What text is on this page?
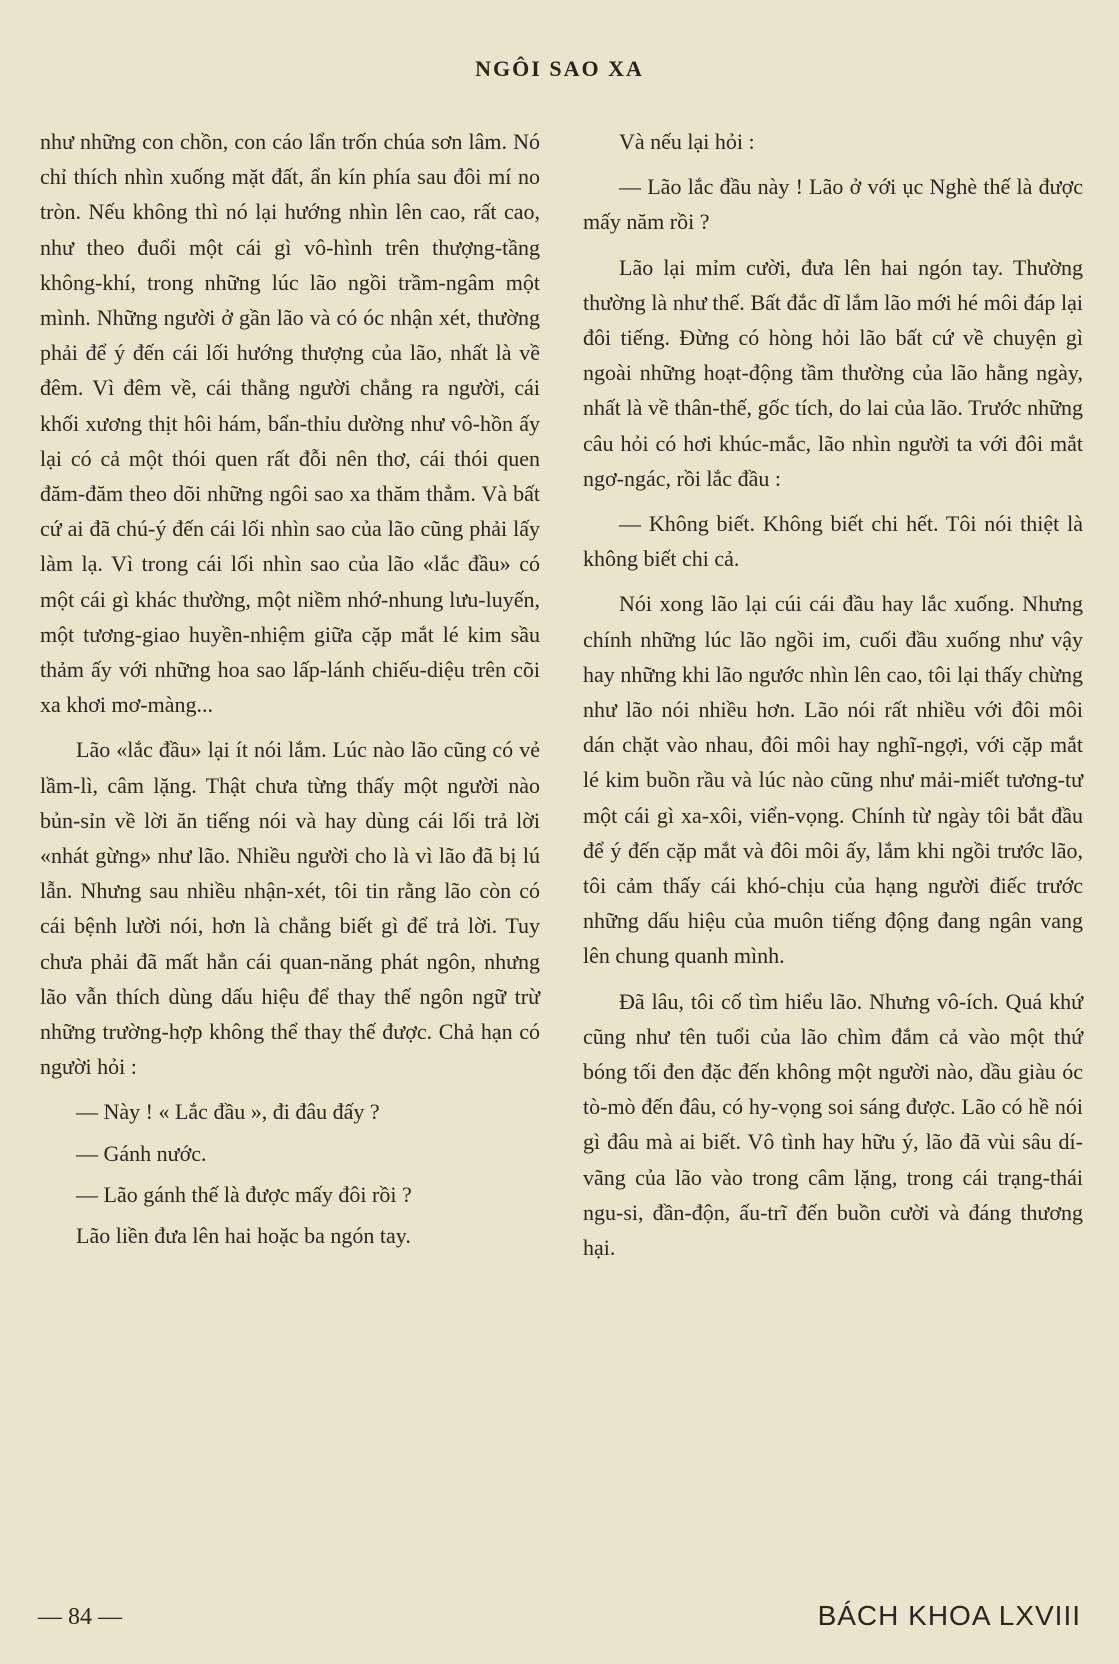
NGÔI SAO XA

như những con chồn, con cáo lẩn trốn chúa sơn lâm. Nó chỉ thích nhìn xuống mặt đất, ẩn kín phía sau đôi mí no tròn. Nếu không thì nó lại hướng nhìn lên cao, rất cao, như theo đuổi một cái gì vô-hình trên thượng-tầng không-khí, trong những lúc lão ngồi trầm-ngâm một mình. Những người ở gần lão và có óc nhận xét, thường phải để ý đến cái lối hướng thượng của lão, nhất là về đêm. Vì đêm về, cái thằng người chẳng ra người, cái khối xương thịt hôi hám, bẩn-thỉu dường như vô-hồn ấy lại có cả một thói quen rất đỗi nên thơ, cái thói quen đăm-đăm theo dõi những ngôi sao xa thăm thẳm. Và bất cứ ai đã chú-ý đến cái lối nhìn sao của lão cũng phải lấy làm lạ. Vì trong cái lối nhìn sao của lão «lắc đầu» có một cái gì khác thường, một niềm nhớ-nhung lưu-luyến, một tương-giao huyền-nhiệm giữa cặp mắt lé kim sầu thảm ấy với những hoa sao lấp-lánh chiếu-diệu trên cõi xa khơi mơ-màng...

Lão «lắc đầu» lại ít nói lắm. Lúc nào lão cũng có vẻ lầm-lì, câm lặng. Thật chưa từng thấy một người nào bủn-sỉn về lời ăn tiếng nói và hay dùng cái lối trả lời «nhát gừng» như lão. Nhiều người cho là vì lão đã bị lú lẫn. Nhưng sau nhiều nhận-xét, tôi tin rằng lão còn có cái bệnh lười nói, hơn là chẳng biết gì để trả lời. Tuy chưa phải đã mất hẳn cái quan-năng phát ngôn, nhưng lão vẫn thích dùng dấu hiệu để thay thế ngôn ngữ trừ những trường-hợp không thể thay thế được. Chả hạn có người hỏi :

— Này ! « Lắc đầu », đi đâu đấy ?

— Gánh nước.

— Lão gánh thế là được mấy đôi rồi ?

Lão liền đưa lên hai hoặc ba ngón tay.

Và nếu lại hỏi :

— Lão lắc đầu này ! Lão ở với ục Nghè thế là được mấy năm rồi ?

Lão lại mỉm cười, đưa lên hai ngón tay. Thường thường là như thế. Bất đắc dĩ lắm lão mới hé môi đáp lại đôi tiếng. Đừng có hòng hỏi lão bất cứ về chuyện gì ngoài những hoạt-động tầm thường của lão hằng ngày, nhất là về thân-thế, gốc tích, do lai của lão. Trước những câu hỏi có hơi khúc-mắc, lão nhìn người ta với đôi mắt ngơ-ngác, rồi lắc đầu :

— Không biết. Không biết chi hết. Tôi nói thiệt là không biết chi cả.

Nói xong lão lại cúi cái đầu hay lắc xuống. Nhưng chính những lúc lão ngồi im, cuối đầu xuống như vậy hay những khi lão ngước nhìn lên cao, tôi lại thấy chừng như lão nói nhiều hơn. Lão nói rất nhiều với đôi môi dán chặt vào nhau, đôi môi hay nghĩ-ngợi, với cặp mắt lé kim buồn rầu và lúc nào cũng như mải-miết tương-tư một cái gì xa-xôi, viển-vọng. Chính từ ngày tôi bắt đầu để ý đến cặp mắt và đôi môi ấy, lắm khi ngồi trước lão, tôi cảm thấy cái khó-chịu của hạng người điếc trước những dấu hiệu của muôn tiếng động đang ngân vang lên chung quanh mình.

Đã lâu, tôi cố tìm hiểu lão. Nhưng vô-ích. Quá khứ cũng như tên tuổi của lão chìm đắm cả vào một thứ bóng tối đen đặc đến không một người nào, dầu giàu óc tò-mò đến đâu, có hy-vọng soi sáng được. Lão có hề nói gì đâu mà ai biết. Vô tình hay hữu ý, lão đã vùi sâu dí-vãng của lão vào trong câm lặng, trong cái trạng-thái ngu-si, đần-độn, ấu-trĩ đến buồn cười và đáng thương hại.

— 84 —	BÁCH KHOA LXVIII
